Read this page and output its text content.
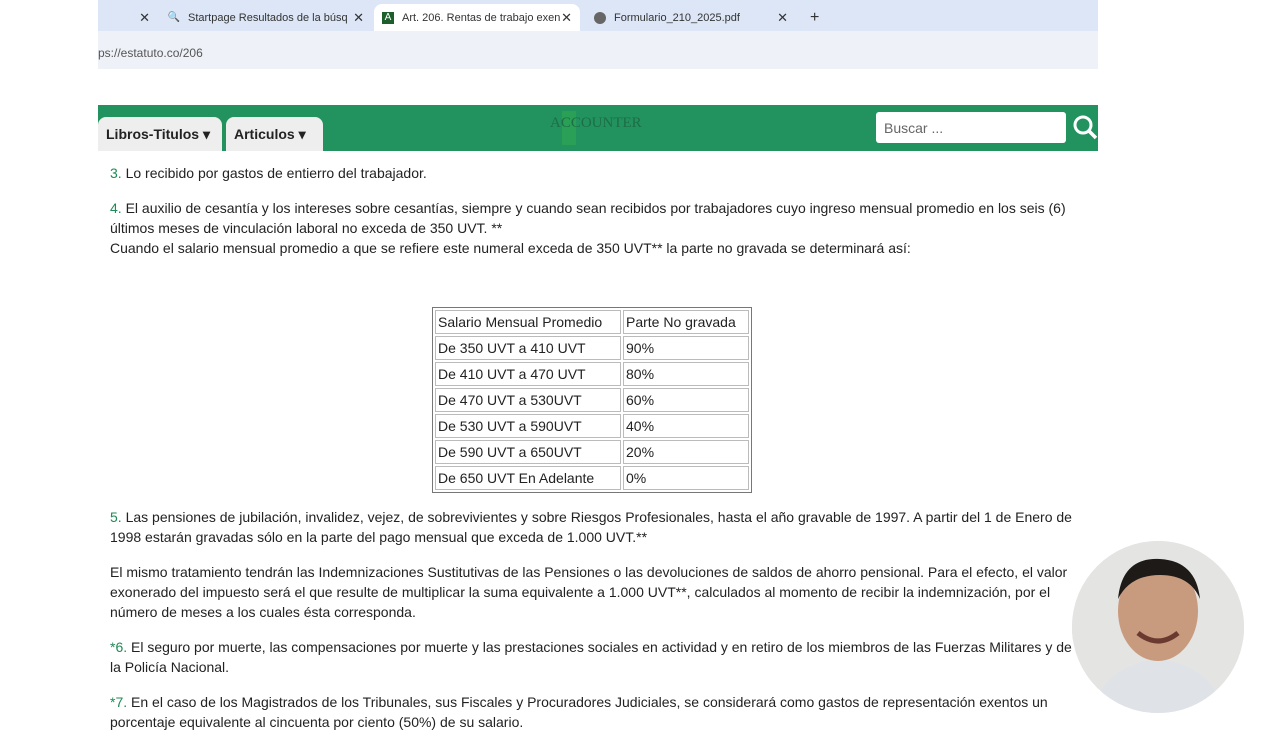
✕ 🔍 Startpage Resultados de la búsq ✕ A Art. 206. Rentas de trabajo exen ✕	Formulario_210_2025.pdf	✕	+
ps://estatuto.co/206
Libros-Titulos ▾	Articulos ▾
ACCOUNTER	Buscar ...
3. Lo recibido por gastos de entierro del trabajador.
4. El auxilio de cesantía y los intereses sobre cesantías, siempre y cuando sean recibidos por trabajadores cuyo ingreso mensual promedio en los seis (6) últimos meses de vinculación laboral no exceda de 350 UVT. **
Cuando el salario mensual promedio a que se refiere este numeral exceda de 350 UVT** la parte no gravada se determinará así:
Salario Mensual Promedio	Parte No gravada
De 350 UVT a 410 UVT	90%
De 410 UVT a 470 UVT	80%
De 470 UVT a 530UVT	60%
De 530 UVT a 590UVT	40%
De 590 UVT a 650UVT	20%
De 650 UVT En Adelante	0%
5. Las pensiones de jubilación, invalidez, vejez, de sobrevivientes y sobre Riesgos Profesionales, hasta el año gravable de 1997. A partir del 1 de Enero de 1998 estarán gravadas sólo en la parte del pago mensual que exceda de 1.000 UVT.**
El mismo tratamiento tendrán las Indemnizaciones Sustitutivas de las Pensiones o las devoluciones de saldos de ahorro pensional. Para el efecto, el valor exonerado del impuesto será el que resulte de multiplicar la suma equivalente a 1.000 UVT**, calculados al momento de recibir la indemnización, por el número de meses a los cuales ésta corresponda.
*6. El seguro por muerte, las compensaciones por muerte y las prestaciones sociales en actividad y en retiro de los miembros de las Fuerzas Militares y de la Policía Nacional.
*7. En el caso de los Magistrados de los Tribunales, sus Fiscales y Procuradores Judiciales, se considerará como gastos de representación exentos un porcentaje equivalente al cincuenta por ciento (50%) de su salario.
